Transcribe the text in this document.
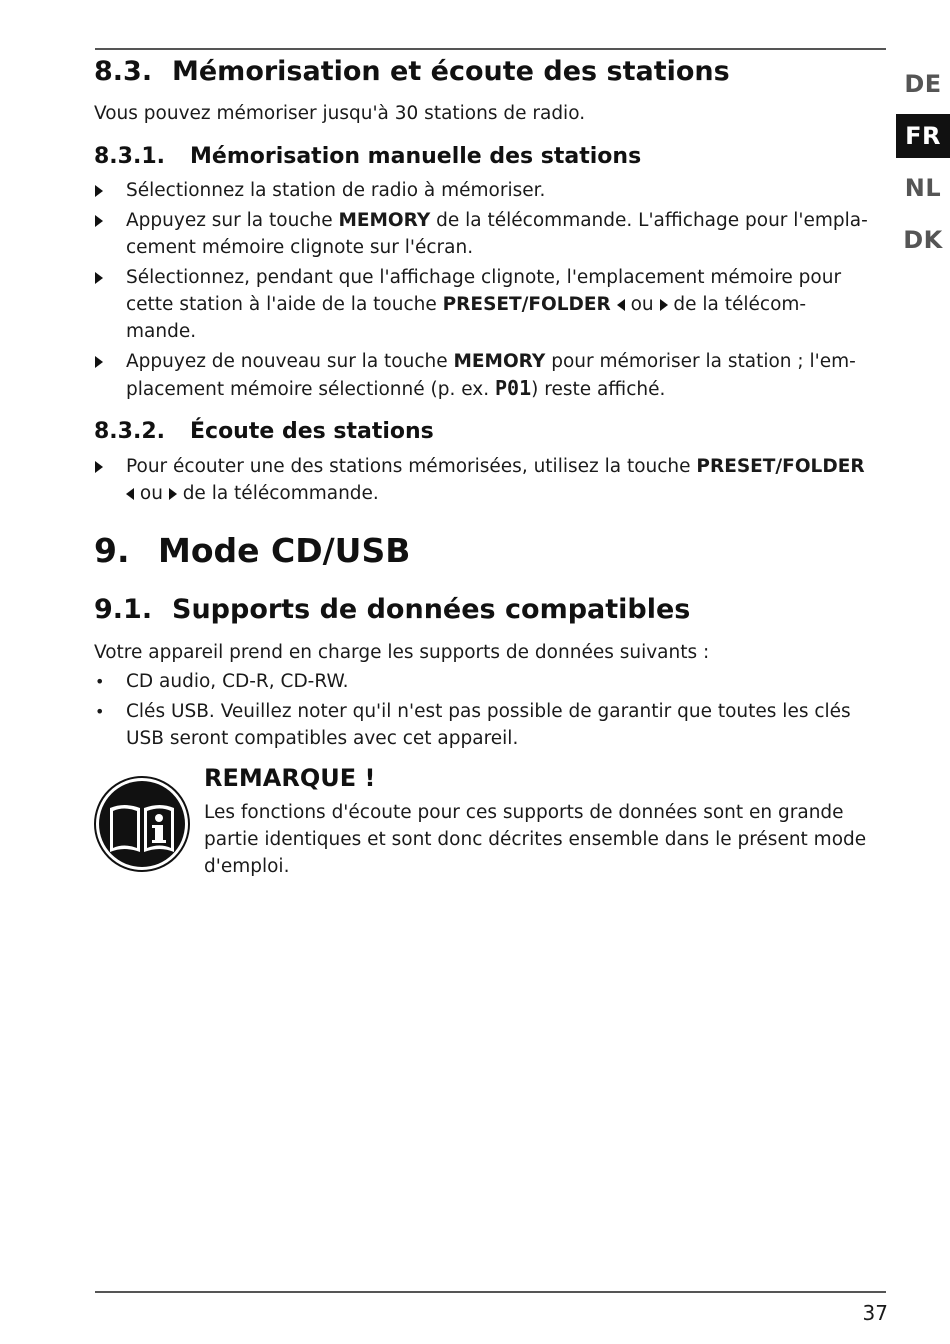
DE
FR
NL
DK
8.3. Mémorisation et écoute des stations
Vous pouvez mémoriser jusqu'à 30 stations de radio.
8.3.1. Mémorisation manuelle des stations
Sélectionnez la station de radio à mémoriser.
Appuyez sur la touche MEMORY de la télécommande. L'affichage pour l'empla-
cement mémoire clignote sur l'écran.
Sélectionnez, pendant que l'affichage clignote, l'emplacement mémoire pour
cette station à l'aide de la touche PRESET/FOLDER  ou  de la télécom-
mande.
Appuyez de nouveau sur la touche MEMORY pour mémoriser la station ; l'em-
placement mémoire sélectionné (p. ex. P01) reste affiché.
8.3.2. Écoute des stations
Pour écouter une des stations mémorisées, utilisez la touche PRESET/FOLDER
ou  de la télécommande.
9. Mode CD/USB
9.1. Supports de données compatibles
Votre appareil prend en charge les supports de données suivants :
•	CD audio, CD-R, CD-RW.
•	Clés USB. Veuillez noter qu'il n'est pas possible de garantir que toutes les clés USB seront compatibles avec cet appareil.
REMARQUE !
Les fonctions d'écoute pour ces supports de données sont en grande partie identiques et sont donc décrites ensemble dans le présent mode d'emploi.
37
